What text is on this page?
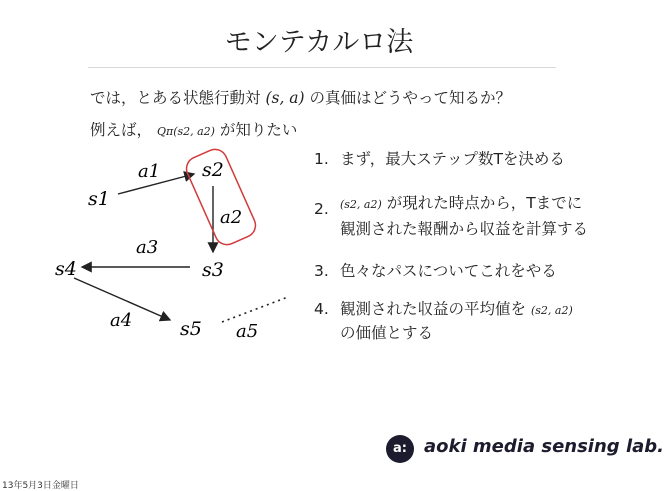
モンテカルロ法
では，とある状態行動対 (s, a) の真価はどうやって知るか？
例えば， Qπ(s2, a2) が知りたい
s1
s2
s3
s4
s5
a1
a2
a3
a4
a5
1. まず，最大ステップ数Tを決める
2.	(s2, a2) が現れた時点から，Tまでに
観測された報酬から収益を計算する
3. 色々なパスについてこれをやる
4. 観測された収益の平均値を (s2, a2)
の価値とする
a: aoki media sensing lab.
13年5月3日金曜日
